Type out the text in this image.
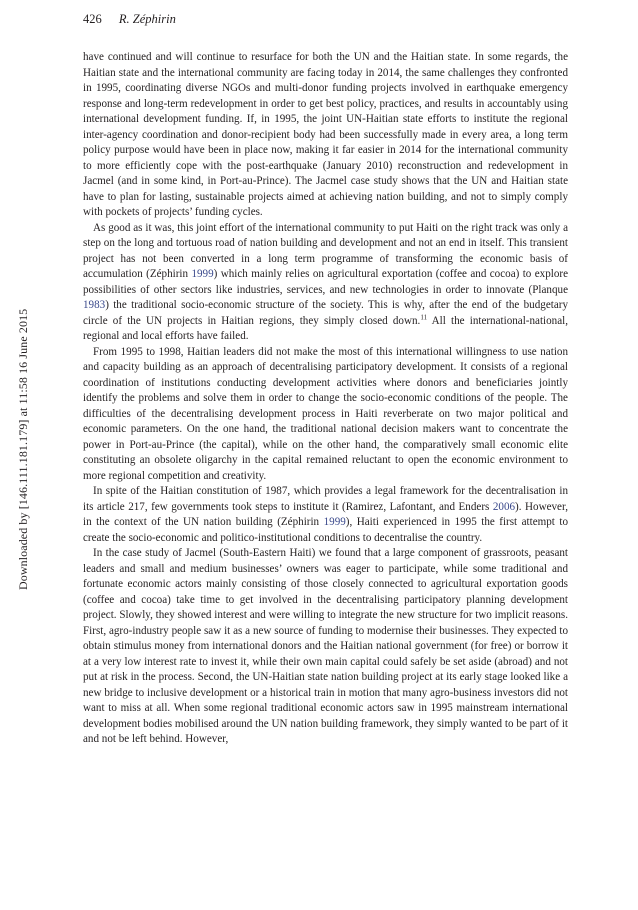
Downloaded by [146.111.181.179] at 11:58 16 June 2015
426 R. Zéphirin

have continued and will continue to resurface for both the UN and the Haitian state. In some regards, the Haitian state and the international community are facing today in 2014, the same challenges they confronted in 1995, coordinating diverse NGOs and multi-donor funding projects involved in earthquake emergency response and long-term redevelopment in order to get best policy, practices, and results in accountably using international development funding. If, in 1995, the joint UN-Haitian state efforts to institute the regional inter-agency coordination and donor-recipient body had been successfully made in every area, a long term policy purpose would have been in place now, making it far easier in 2014 for the international community to more efficiently cope with the post-earthquake (January 2010) reconstruction and redevelopment in Jacmel (and in some kind, in Port-au-Prince). The Jacmel case study shows that the UN and Haitian state have to plan for lasting, sustainable projects aimed at achieving nation building, and not to simply comply with pockets of projects’ funding cycles.

As good as it was, this joint effort of the international community to put Haiti on the right track was only a step on the long and tortuous road of nation building and development and not an end in itself. This transient project has not been converted in a long term programme of transforming the economic basis of accumulation (Zéphirin 1999) which mainly relies on agricultural exportation (coffee and cocoa) to explore possibilities of other sectors like industries, services, and new technologies in order to innovate (Planque 1983) the traditional socio-economic structure of the society. This is why, after the end of the budgetary circle of the UN projects in Haitian regions, they simply closed down.$^{11}$ All the international-national, regional and local efforts have failed.

From 1995 to 1998, Haitian leaders did not make the most of this international willingness to use nation and capacity building as an approach of decentralising participatory development. It consists of a regional coordination of institutions conducting development activities where donors and beneficiaries jointly identify the problems and solve them in order to change the socio-economic conditions of the people. The difficulties of the decentralising development process in Haiti reverberate on two major political and economic parameters. On the one hand, the traditional national decision makers want to concentrate the power in Port-au-Prince (the capital), while on the other hand, the comparatively small economic elite constituting an obsolete oligarchy in the capital remained reluctant to open the economic environment to more regional competition and creativity.

In spite of the Haitian constitution of 1987, which provides a legal framework for the decentralisation in its article 217, few governments took steps to institute it (Ramirez, Lafontant, and Enders 2006). However, in the context of the UN nation building (Zéphirin 1999), Haiti experienced in 1995 the first attempt to create the socio-economic and politico-institutional conditions to decentralise the country.

In the case study of Jacmel (South-Eastern Haiti) we found that a large component of grassroots, peasant leaders and small and medium businesses’ owners was eager to participate, while some traditional and fortunate economic actors mainly consisting of those closely connected to agricultural exportation goods (coffee and cocoa) take time to get involved in the decentralising participatory planning development project. Slowly, they showed interest and were willing to integrate the new structure for two implicit reasons. First, agro-industry people saw it as a new source of funding to modernise their businesses. They expected to obtain stimulus money from international donors and the Haitian national government (for free) or borrow it at a very low interest rate to invest it, while their own main capital could safely be set aside (abroad) and not put at risk in the process. Second, the UN-Haitian state nation building project at its early stage looked like a new bridge to inclusive development or a historical train in motion that many agro-business investors did not want to miss at all. When some regional traditional economic actors saw in 1995 mainstream international development bodies mobilised around the UN nation building framework, they simply wanted to be part of it and not be left behind. However,
